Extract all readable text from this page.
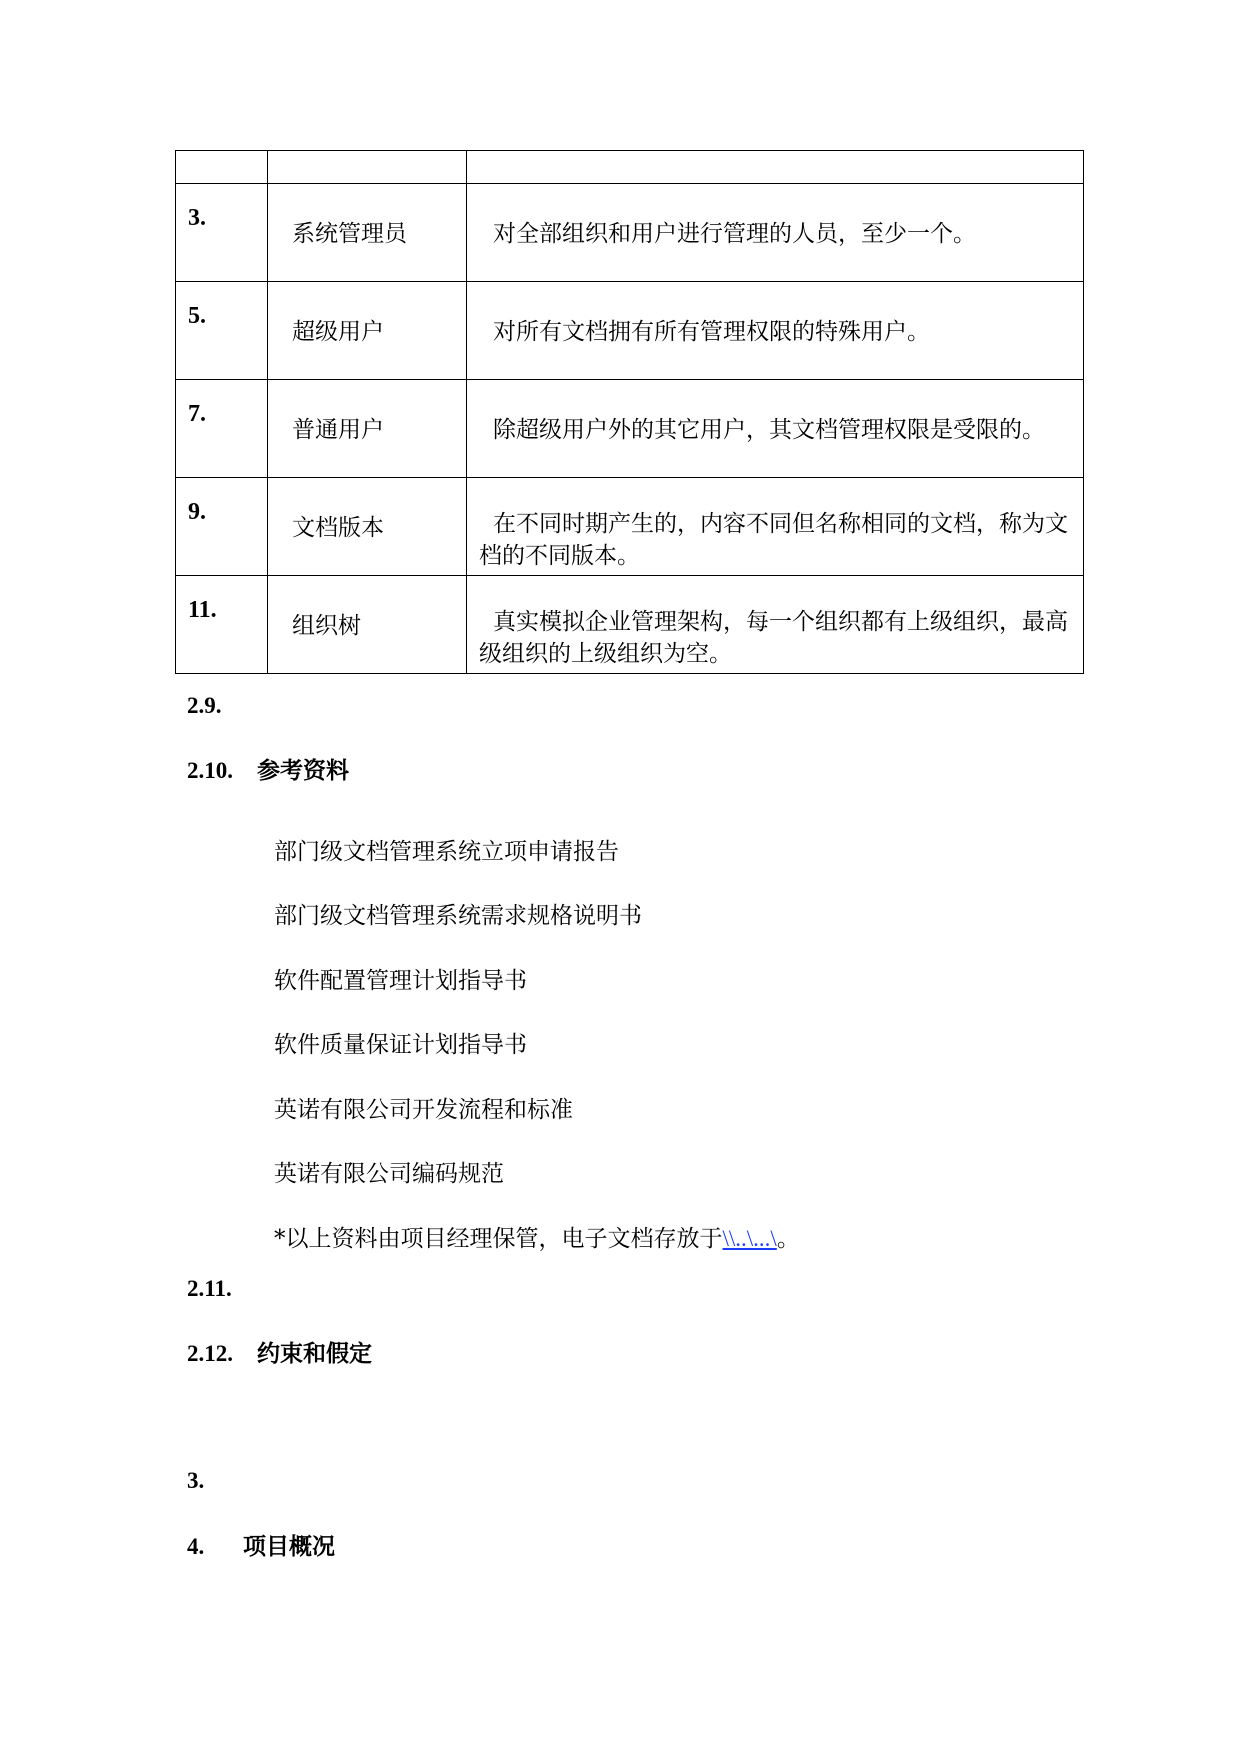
3.	系统管理员	对全部组织和用户进行管理的人员，至少一个。

5.	超级用户	对所有文档拥有所有管理权限的特殊用户。

7.	普通用户	除超级用户外的其它用户，其文档管理权限是受限的。

9.	文档版本	在不同时期产生的，内容不同但名称相同的文档，称为文档的不同版本。

11.	组织树	真实模拟企业管理架构，每一个组织都有上级组织，最高级组织的上级组织为空。
2.9.
2.10. 参考资料
部门级文档管理系统立项申请报告
部门级文档管理系统需求规格说明书
软件配置管理计划指导书
软件质量保证计划指导书
英诺有限公司开发流程和标准
英诺有限公司编码规范
*以上资料由项目经理保管，电子文档存放于\\..\...\。
2.11.
2.12. 约束和假定
3.
4. 项目概况
